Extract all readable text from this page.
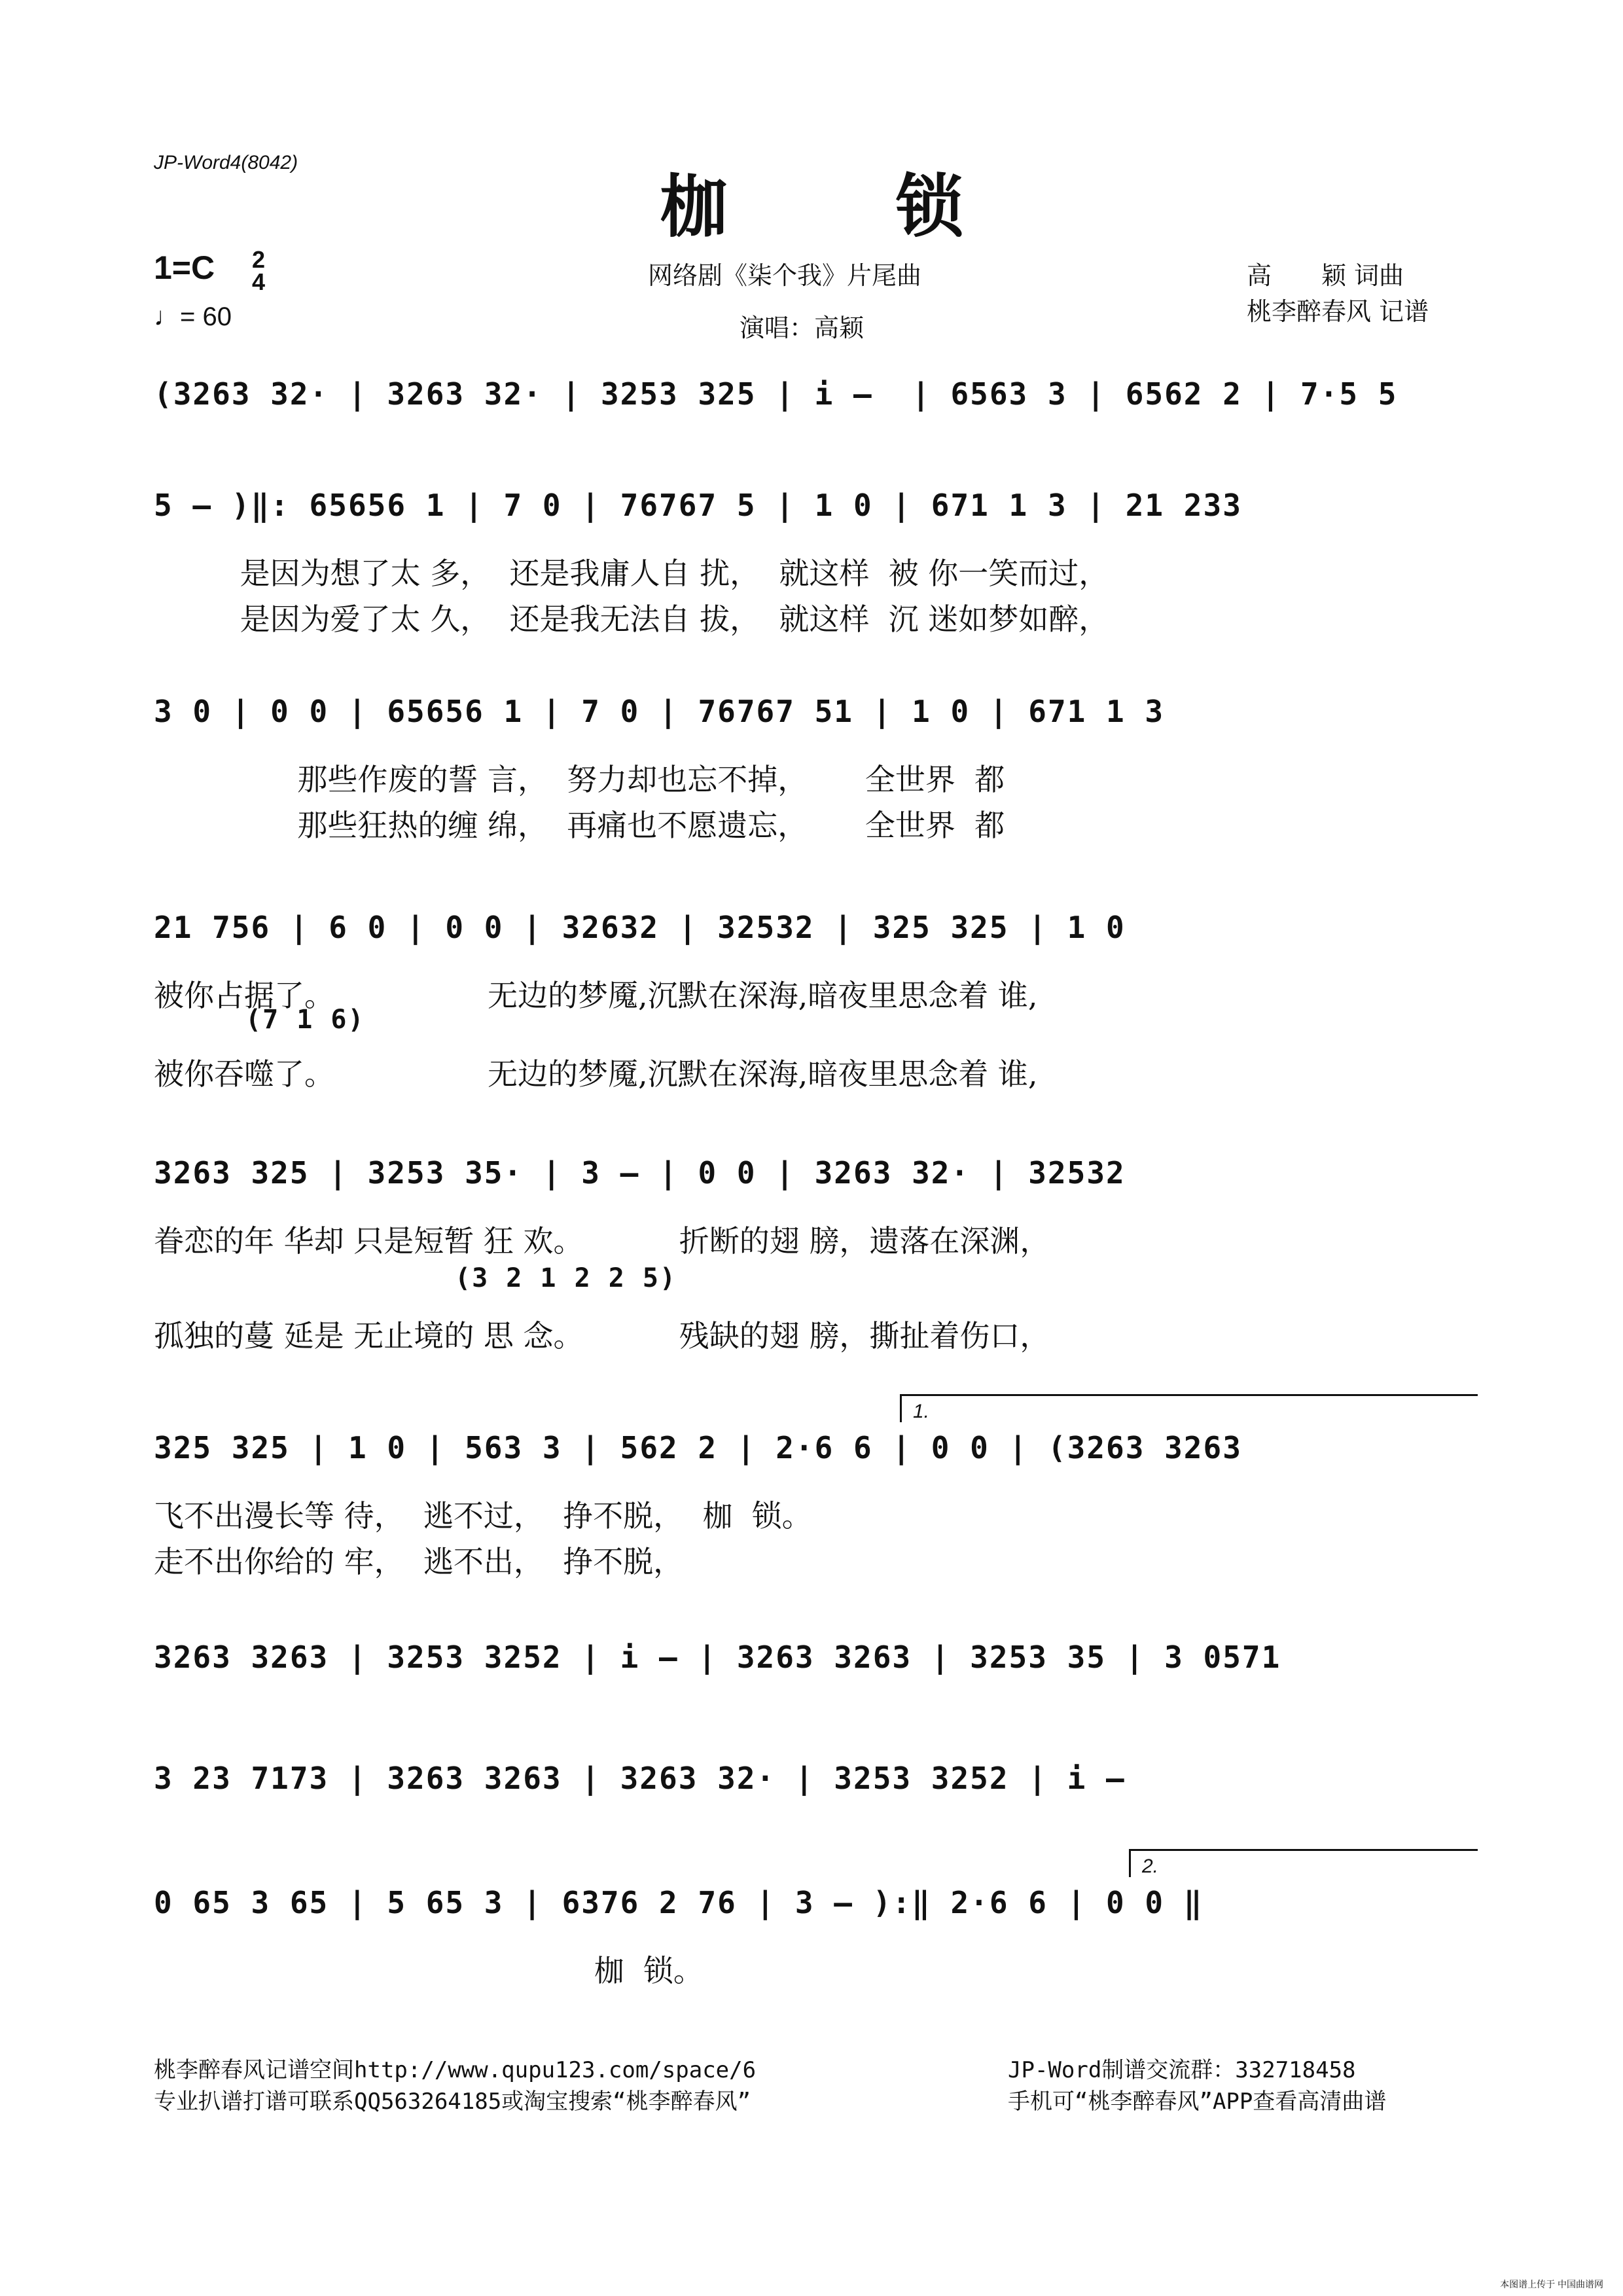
JP-Word4(8042)
枷 锁
1=C 2
4
♩= 60
网络剧《柒个我》片尾曲
演唱：高颖
高　　颖 词曲
桃李醉春风 记谱
(3263 32· | 3263 32· | 3253 325 | i –  | 6563 3 | 6562 2 | 7·5 5
5 – )‖: 65656 1 | 7 0 | 76767 5 | 1 0 | 671 1 3 | 21 233
是因为想了太 多，  还是我庸人自 扰，  就这样  被 你一笑而过，
是因为爱了太 久，  还是我无法自 拔，  就这样  沉 迷如梦如醉，
3 0 | 0 0 | 65656 1 | 7 0 | 76767 51 | 1 0 | 671 1 3
那些作废的誓 言，  努力却也忘不掉，      全世界  都
那些狂热的缠 绵，  再痛也不愿遗忘，      全世界  都
21 756 | 6 0 | 0 0 | 32632 | 32532 | 325 325 | 1 0
被你占据了。                无边的梦魇,沉默在深海,暗夜里思念着 谁,
(7 1 6)
被你吞噬了。                无边的梦魇,沉默在深海,暗夜里思念着 谁,
3263 325 | 3253 35· | 3 – | 0 0 | 3263 32· | 32532
眷恋的年 华却 只是短暂 狂 欢。          折断的翅 膀，遗落在深渊，
(3 2 1 2 2 5)
孤独的蔓 延是 无止境的 思 念。          残缺的翅 膀，撕扯着伤口，
1.
325 325 | 1 0 | 563 3 | 562 2 | 2·6 6 | 0 0 | (3263 3263
飞不出漫长等 待，  逃不过，  挣不脱，  枷  锁。
走不出你给的 牢，  逃不出，  挣不脱，
3263 3263 | 3253 3252 | i – | 3263 3263 | 3253 35 | 3 0571
3 23 7173 | 3263 3263 | 3263 32· | 3253 3252 | i –
2.
0 65 3 65 | 5 65 3 | 6376 2 76 | 3 – ):‖ 2·6 6 | 0 0 ‖
枷  锁。
桃李醉春风记谱空间http://www.qupu123.com/space/6
专业扒谱打谱可联系QQ563264185或淘宝搜索“桃李醉春风”
JP-Word制谱交流群：332718458
手机可“桃李醉春风”APP查看高清曲谱
本图谱上传于 中国曲谱网
